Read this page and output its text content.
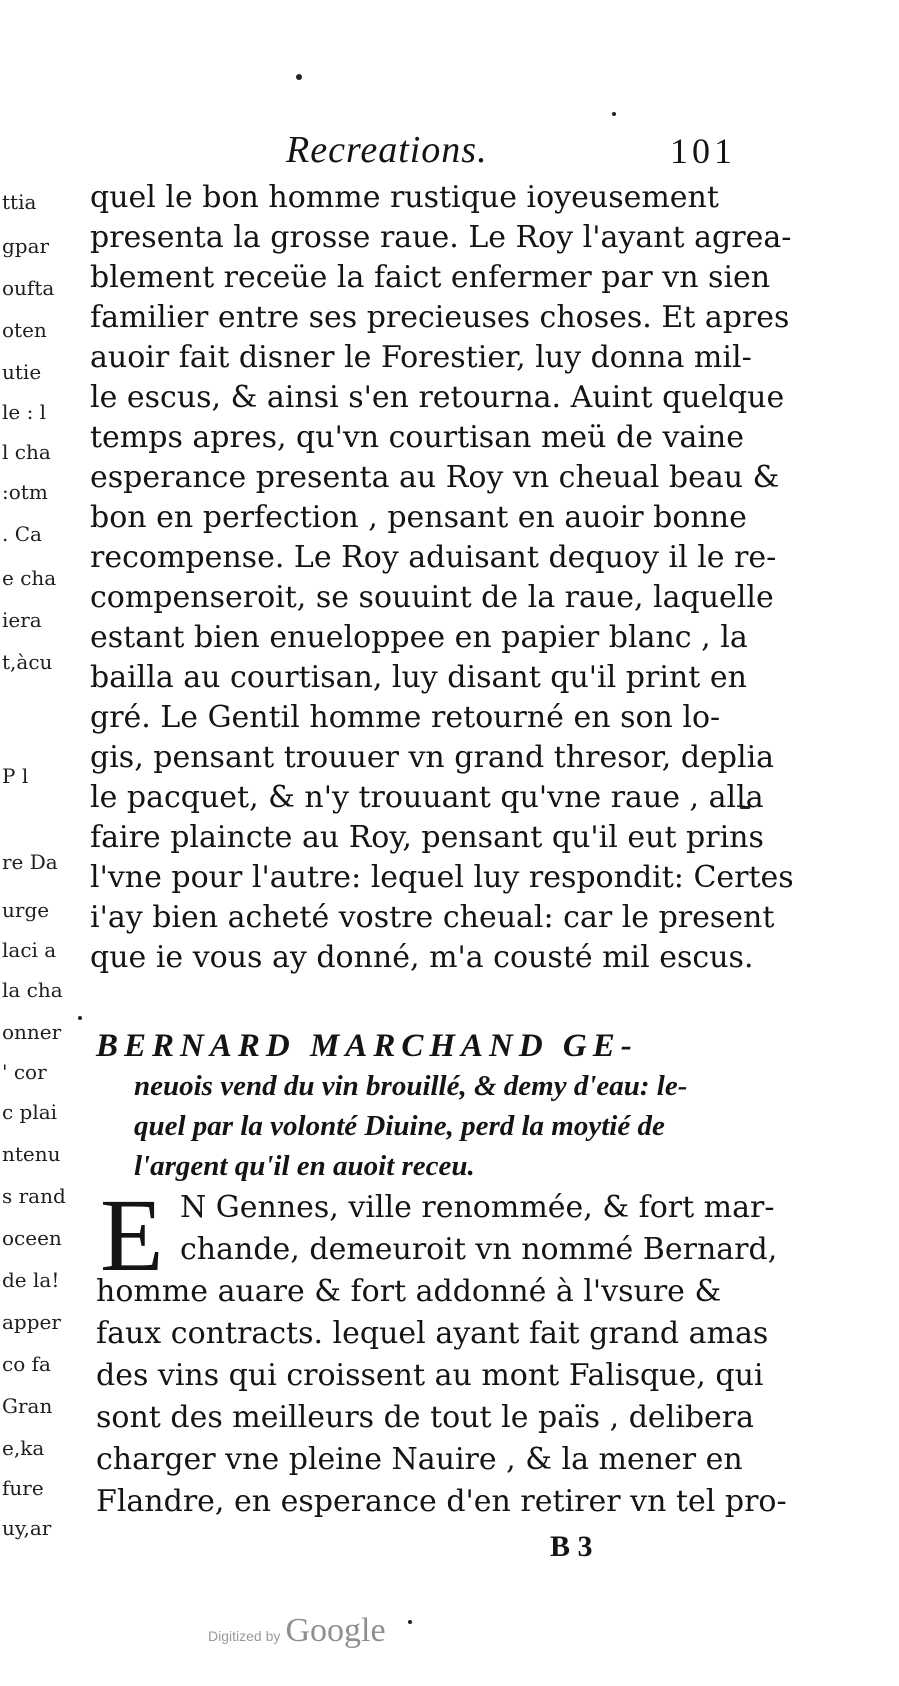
ttia
gpar
oufta
oten
utie
le : l
l cha
:otm
. Ca
e cha
iera
t,àcu
P l
re Da
urge
laci a
la cha
onner
' cor
c plai
ntenu
s rand
oceen
de la!
apper
co fa
Gran
e,ka
fure
uy,ar
Recreations.	101
quel le bon homme rustique ioyeusement
presenta la grosse raue. Le Roy l'ayant agrea-
blement receüe la faict enfermer par vn sien
familier entre ses precieuses choses. Et apres
auoir fait disner le Forestier, luy donna mil-
le escus, & ainsi s'en retourna. Auint quelque
temps apres, qu'vn courtisan meü de vaine
esperance presenta au Roy vn cheual beau &
bon en perfection , pensant en auoir bonne
recompense. Le Roy aduisant dequoy il le re-
compenseroit, se souuint de la raue, laquelle
estant bien enueloppee en papier blanc , la
bailla au courtisan, luy disant qu'il print en
gré. Le Gentil homme retourné en son lo-
gis, pensant trouuer vn grand thresor, deplia
le pacquet, & n'y trouuant qu'vne raue , alla
faire plaincte au Roy, pensant qu'il eut prins
l'vne pour l'autre: lequel luy respondit: Certes
i'ay bien acheté vostre cheual: car le present
que ie vous ay donné, m'a cousté mil escus.
BERNARD MARCHAND GE-
neuois vend du vin brouillé, & demy d'eau: le-
quel par la volonté Diuine, perd la moytié de
l'argent qu'il en auoit receu.
E N Gennes, ville renommée, & fort mar-
chande, demeuroit vn nommé Bernard,
homme auare & fort addonné à l'vsure &
faux contracts. lequel ayant fait grand amas
des vins qui croissent au mont Falisque, qui
sont des meilleurs de tout le païs , delibera
charger vne pleine Nauire , & la mener en
Flandre, en esperance d'en retirer vn tel pro-
B 3
Digitized by Google
